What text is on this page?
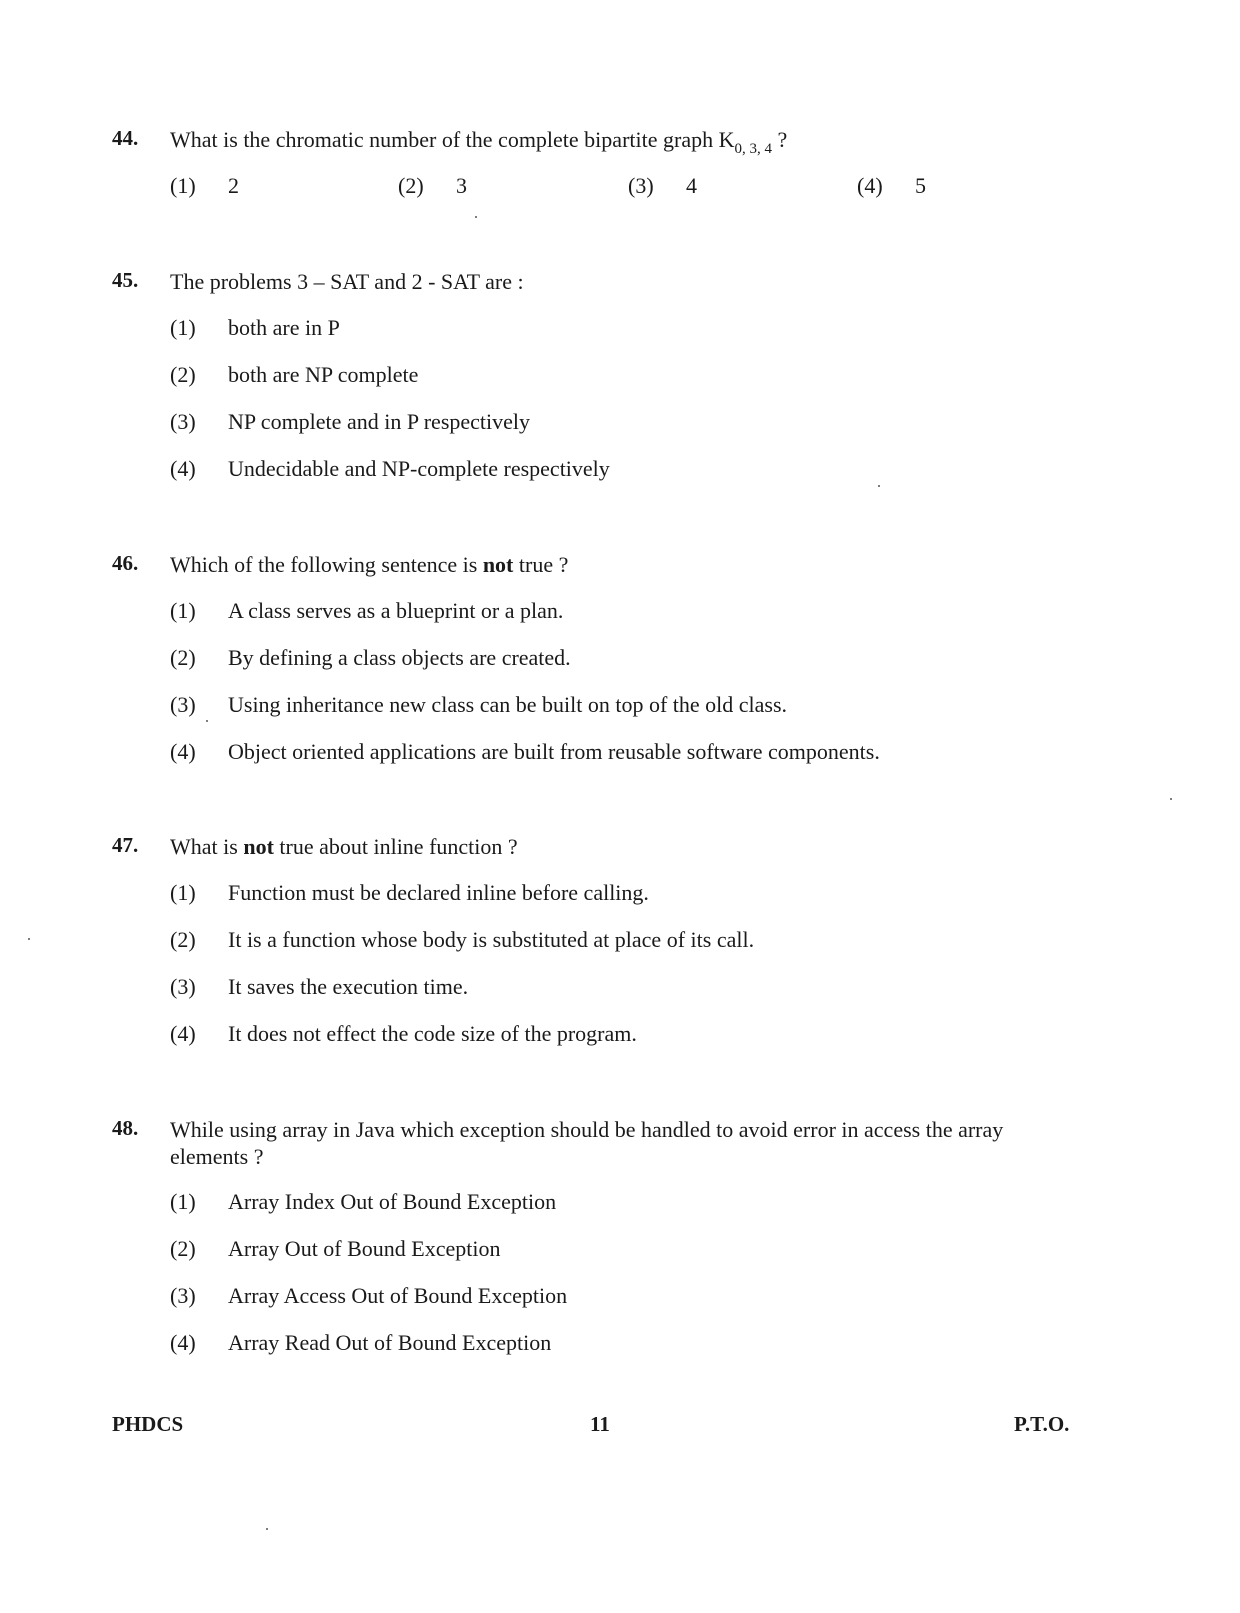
44. What is the chromatic number of the complete bipartite graph $K_{0, 3, 4}$ ?
(1) 2	(2) 3	(3) 4	(4) 5
45. The problems 3 – SAT and 2 - SAT are :
(1) both are in P
(2) both are NP complete
(3) NP complete and in P respectively
(4) Undecidable and NP-complete respectively
46. Which of the following sentence is not true ?
(1) A class serves as a blueprint or a plan.
(2) By defining a class objects are created.
(3) Using inheritance new class can be built on top of the old class.
(4) Object oriented applications are built from reusable software components.
47. What is not true about inline function ?
(1) Function must be declared inline before calling.
(2) It is a function whose body is substituted at place of its call.
(3) It saves the execution time.
(4) It does not effect the code size of the program.
48. While using array in Java which exception should be handled to avoid error in access the array elements ?
(1) Array Index Out of Bound Exception
(2) Array Out of Bound Exception
(3) Array Access Out of Bound Exception
(4) Array Read Out of Bound Exception
PHDCS	11	P.T.O.
